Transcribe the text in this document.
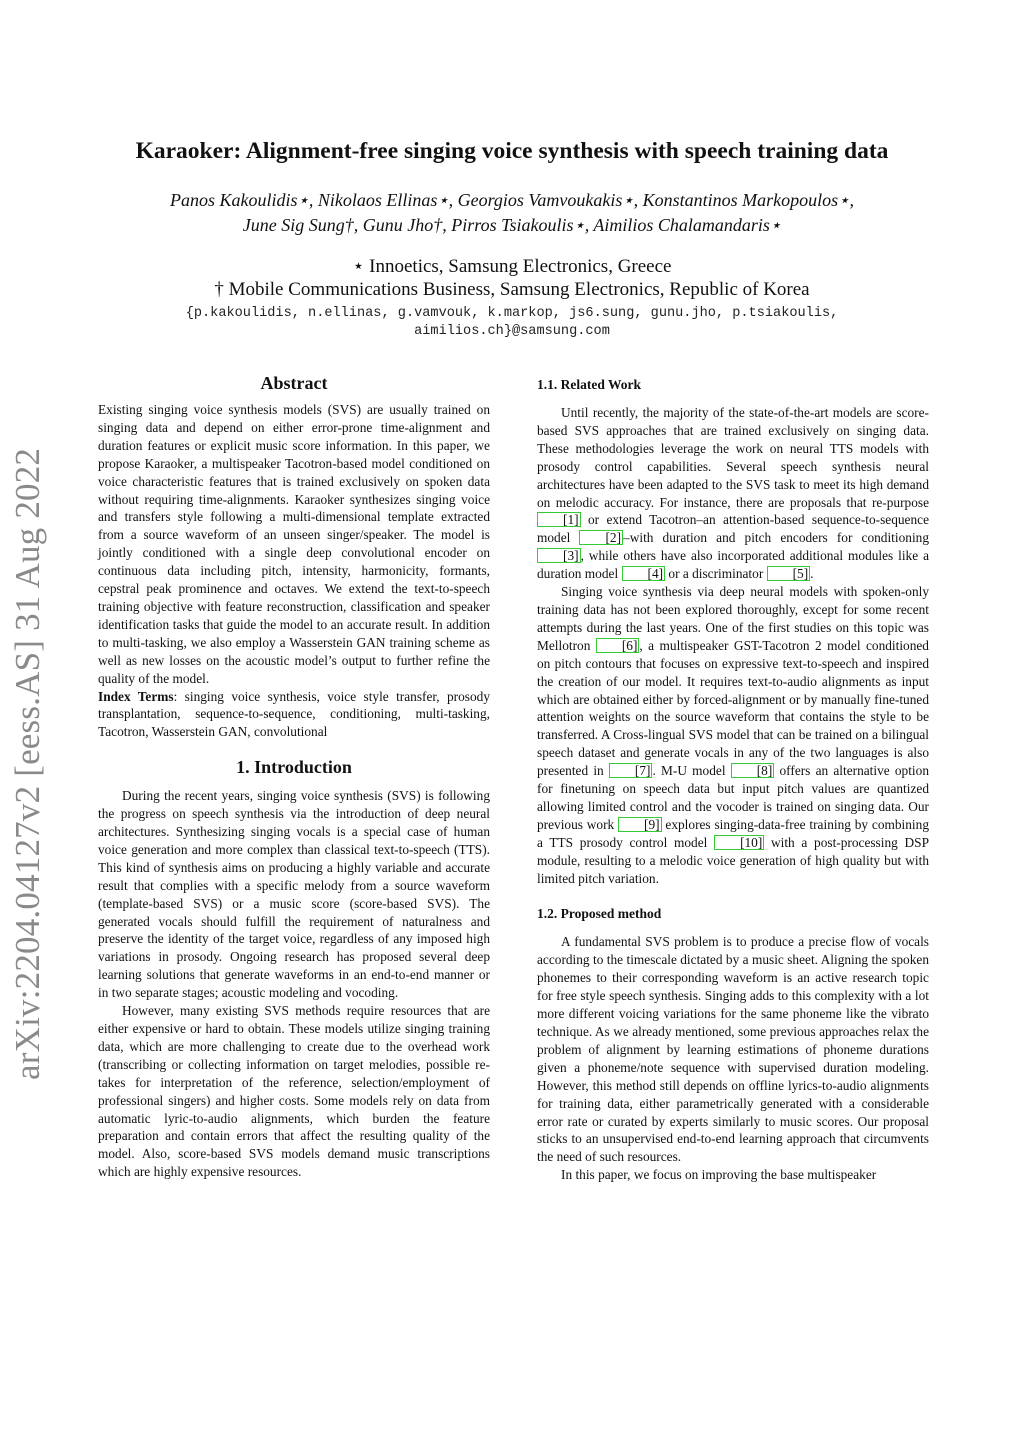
arXiv:2204.04127v2 [eess.AS] 31 Aug 2022
Karaoker: Alignment-free singing voice synthesis with speech training data
Panos Kakoulidis⋆, Nikolaos Ellinas⋆, Georgios Vamvoukakis⋆, Konstantinos Markopoulos⋆,
June Sig Sung†, Gunu Jho†, Pirros Tsiakoulis⋆, Aimilios Chalamandaris⋆
⋆ Innoetics, Samsung Electronics, Greece
† Mobile Communications Business, Samsung Electronics, Republic of Korea
{p.kakoulidis, n.ellinas, g.vamvouk, k.markop, js6.sung, gunu.jho, p.tsiakoulis,
aimilios.ch}@samsung.com
Abstract

Existing singing voice synthesis models (SVS) are usually trained on singing data and depend on either error-prone time-alignment and duration features or explicit music score information. In this paper, we propose Karaoker, a multispeaker Tacotron-based model conditioned on voice characteristic features that is trained exclusively on spoken data without requiring time-alignments. Karaoker synthesizes singing voice and transfers style following a multi-dimensional template extracted from a source waveform of an unseen singer/speaker. The model is jointly conditioned with a single deep convolutional encoder on continuous data including pitch, intensity, harmonicity, formants, cepstral peak prominence and octaves. We extend the text-to-speech training objective with feature reconstruction, classification and speaker identification tasks that guide the model to an accurate result. In addition to multi-tasking, we also employ a Wasserstein GAN training scheme as well as new losses on the acoustic model’s output to further refine the quality of the model.

Index Terms: singing voice synthesis, voice style transfer, prosody transplantation, sequence-to-sequence, conditioning, multi-tasking, Tacotron, Wasserstein GAN, convolutional

1. Introduction

During the recent years, singing voice synthesis (SVS) is following the progress on speech synthesis via the introduction of deep neural architectures. Synthesizing singing vocals is a special case of human voice generation and more complex than classical text-to-speech (TTS). This kind of synthesis aims on producing a highly variable and accurate result that complies with a specific melody from a source waveform (template-based SVS) or a music score (score-based SVS). The generated vocals should fulfill the requirement of naturalness and preserve the identity of the target voice, regardless of any imposed high variations in prosody. Ongoing research has proposed several deep learning solutions that generate waveforms in an end-to-end manner or in two separate stages; acoustic modeling and vocoding.

However, many existing SVS methods require resources that are either expensive or hard to obtain. These models utilize singing training data, which are more challenging to create due to the overhead work (transcribing or collecting information on target melodies, possible re-takes for interpretation of the reference, selection/employment of professional singers) and higher costs. Some models rely on data from automatic lyric-to-audio alignments, which burden the feature preparation and contain errors that affect the resulting quality of the model. Also, score-based SVS models demand music transcriptions which are highly expensive resources.

1.1. Related Work

Until recently, the majority of the state-of-the-art models are score-based SVS approaches that are trained exclusively on singing data. These methodologies leverage the work on neural TTS models with prosody control capabilities. Several speech synthesis neural architectures have been adapted to the SVS task to meet its high demand on melodic accuracy. For instance, there are proposals that re-purpose [1] or extend Tacotron–an attention-based sequence-to-sequence model [2] –with duration and pitch encoders for conditioning [3] , while others have also incorporated additional modules like a duration model [4] or a discriminator [5] .

Singing voice synthesis via deep neural models with spoken-only training data has not been explored thoroughly, except for some recent attempts during the last years. One of the first studies on this topic was Mellotron [6] , a multispeaker GST-Tacotron 2 model conditioned on pitch contours that focuses on expressive text-to-speech and inspired the creation of our model. It requires text-to-audio alignments as input which are obtained either by forced-alignment or by manually fine-tuned attention weights on the source waveform that contains the style to be transferred. A Cross-lingual SVS model that can be trained on a bilingual speech dataset and generate vocals in any of the two languages is also presented in [7] . M-U model [8] offers an alternative option for finetuning on speech data but input pitch values are quantized allowing limited control and the vocoder is trained on singing data. Our previous work [9] explores singing-data-free training by combining a TTS prosody control model [10] with a post-processing DSP module, resulting to a melodic voice generation of high quality but with limited pitch variation.

1.2. Proposed method

A fundamental SVS problem is to produce a precise flow of vocals according to the timescale dictated by a music sheet. Aligning the spoken phonemes to their corresponding waveform is an active research topic for free style speech synthesis. Singing adds to this complexity with a lot more different voicing variations for the same phoneme like the vibrato technique. As we already mentioned, some previous approaches relax the problem of alignment by learning estimations of phoneme durations given a phoneme/note sequence with supervised duration modeling. However, this method still depends on offline lyrics-to-audio alignments for training data, either parametrically generated with a considerable error rate or curated by experts similarly to music scores. Our proposal sticks to an unsupervised end-to-end learning approach that circumvents the need of such resources.

In this paper, we focus on improving the base multispeaker
